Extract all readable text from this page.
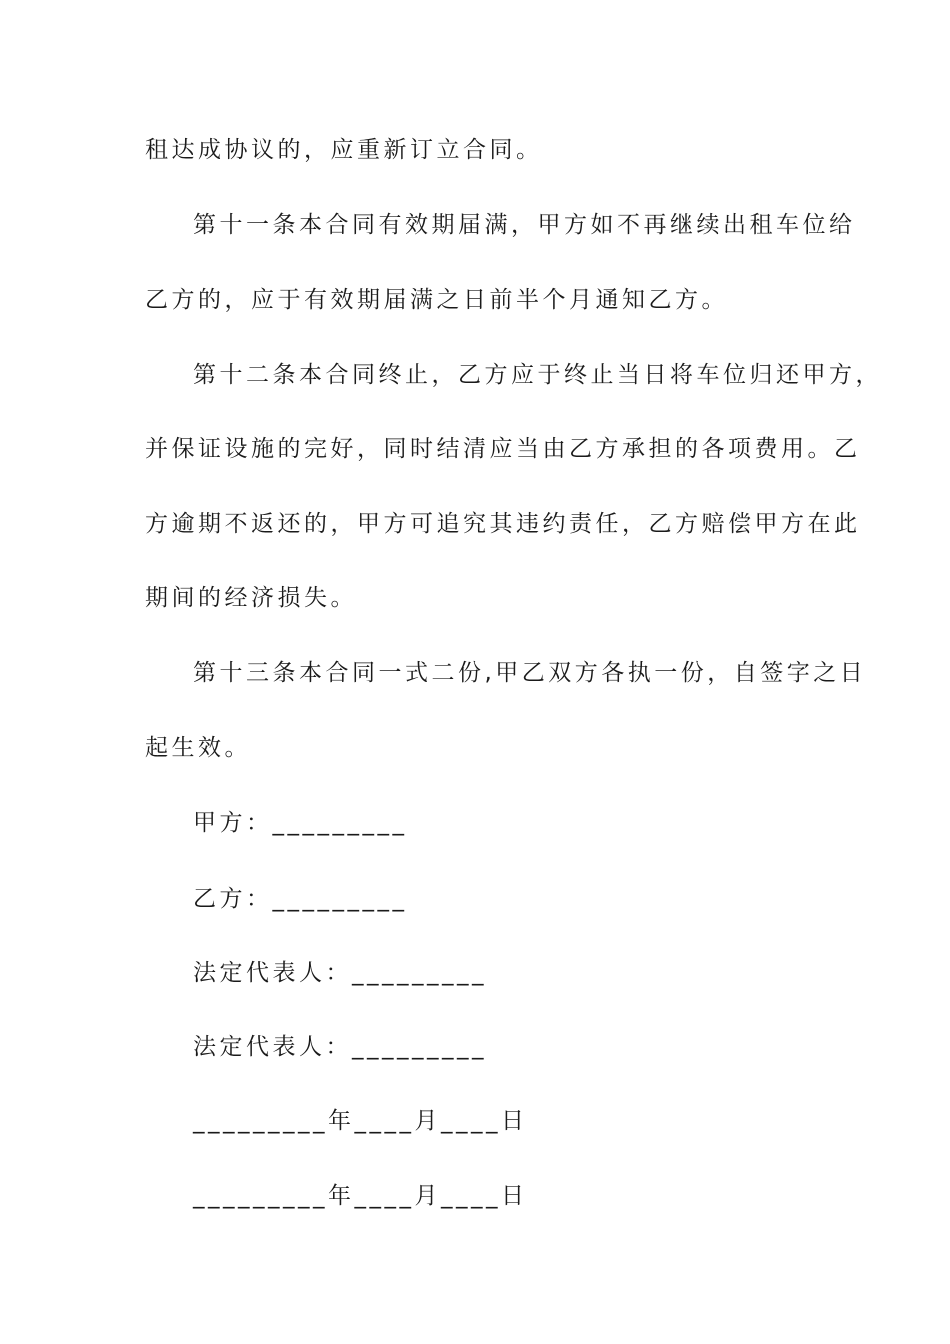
租达成协议的，应重新订立合同。
第十一条本合同有效期届满，甲方如不再继续出租车位给
乙方的，应于有效期届满之日前半个月通知乙方。
第十二条本合同终止，乙方应于终止当日将车位归还甲方，
并保证设施的完好，同时结清应当由乙方承担的各项费用。乙
方逾期不返还的，甲方可追究其违约责任，乙方赔偿甲方在此
期间的经济损失。
第十三条本合同一式二份,甲乙双方各执一份，自签字之日
起生效。
甲方：_________
乙方：_________
法定代表人：_________
法定代表人：_________
_________年____月____日
_________年____月____日
